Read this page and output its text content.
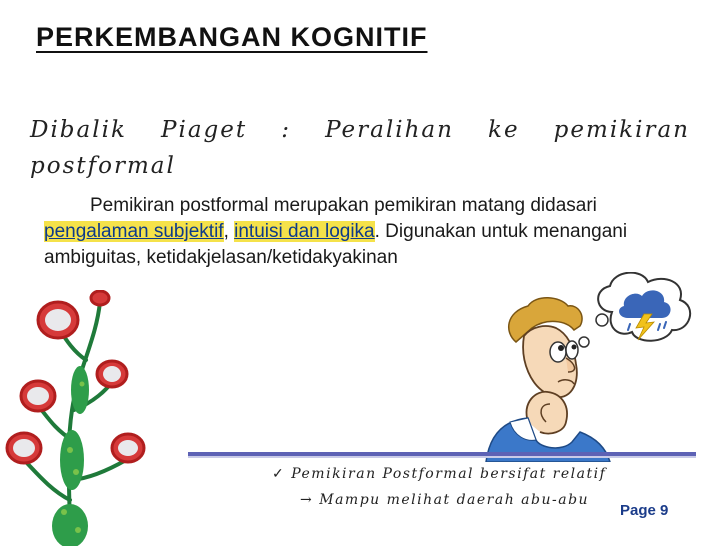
PERKEMBANGAN KOGNITIF
Dibalik Piaget : Peralihan ke pemikiran postformal
Pemikiran postformal merupakan pemikiran matang didasari pengalaman subjektif, intuisi dan logika. Digunakan untuk menangani ambiguitas, ketidakjelasan/ketidakyakinan
✓ Pemikiran Postformal bersifat relatif
→ Mampu melihat daerah abu-abu
Page 9
